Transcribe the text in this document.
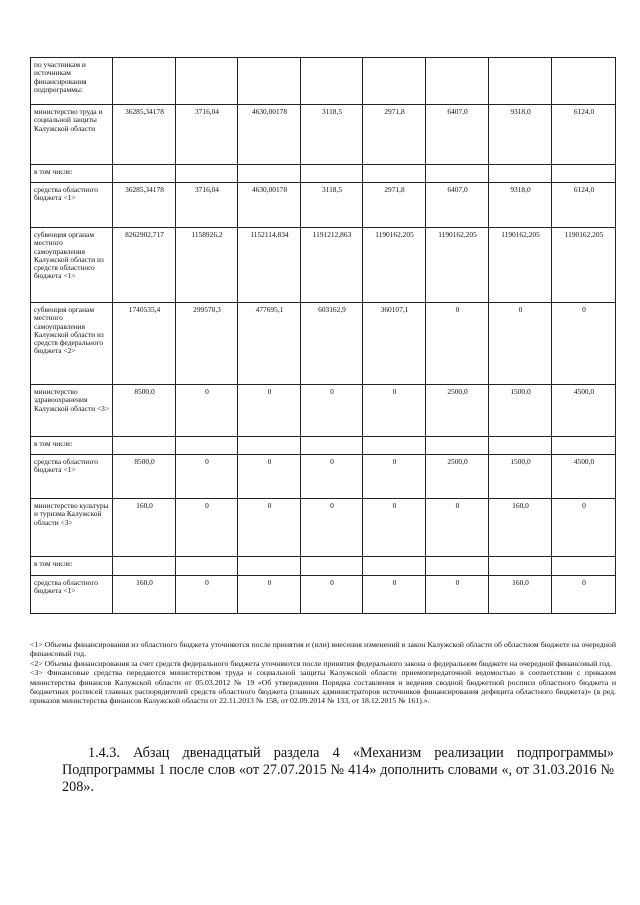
по участникам и источникам финансирования подпрограммы:								
министерство труда и социальной защиты Калужской области	36285,34178	3716,04	4630,00178	3118,5	2971,8	6407,0	9318,0	6124,0
в том числе:								
средства областного бюджета <1>	36285,34178	3716,04	4630,00178	3118,5	2971,8	6407,0	9318,0	6124,0
субвенция органам местного самоуправления Калужской области из средств областного бюджета <1>	8262902,717	1158926,2	1152114,834	1191212,863	1190162,205	1190162,205	1190162,205	1190162,205
субвенция органам местного самоуправления Калужской области из средств федерального бюджета <2>	1740535,4	299570,3	477695,1	603162,9	360107,1	0	0	0
министерство здравоохранения Калужской области <3>	8500,0	0	0	0	0	2500,0	1500,0	4500,0
в том числе:								
средства областного бюджета <1>	8500,0	0	0	0	0	2500,0	1500,0	4500,0
министерство культуры и туризма Калужской области <3>	160,0	0	0	0	0	0	160,0	0
в том числе:								
средства областного бюджета <1>	160,0	0	0	0	0	0	160,0	0

<1> Объемы финансирования из областного бюджета уточняются после принятия и (или) внесения изменений в закон Калужской области об областном бюджете на очередной финансовый год.

<2> Объемы финансирования за счет средств федерального бюджета уточняются после принятия федерального закона о федеральном бюджете на очередной финансовый год.

<3> Финансовые средства передаются министерством труда и социальной защиты Калужской области приемопередаточной ведомостью в соответствии с приказом министерства финансов Калужской области от 05.03.2012 № 19 «Об утверждении Порядка составления и ведения сводной бюджетной росписи областного бюджета и бюджетных росписей главных распорядителей средств областного бюджета (главных администраторов источников финансирования дефицита областного бюджета)» (в ред. приказов министерства финансов Калужской области от 22.11.2013 № 158, от 02.09.2014 № 133, от 18.12.2015 № 161).».

1.4.3. Абзац двенадцатый раздела 4 «Механизм реализации подпрограммы» Подпрограммы 1 после слов «от 27.07.2015 № 414» дополнить словами «, от 31.03.2016 № 208».
